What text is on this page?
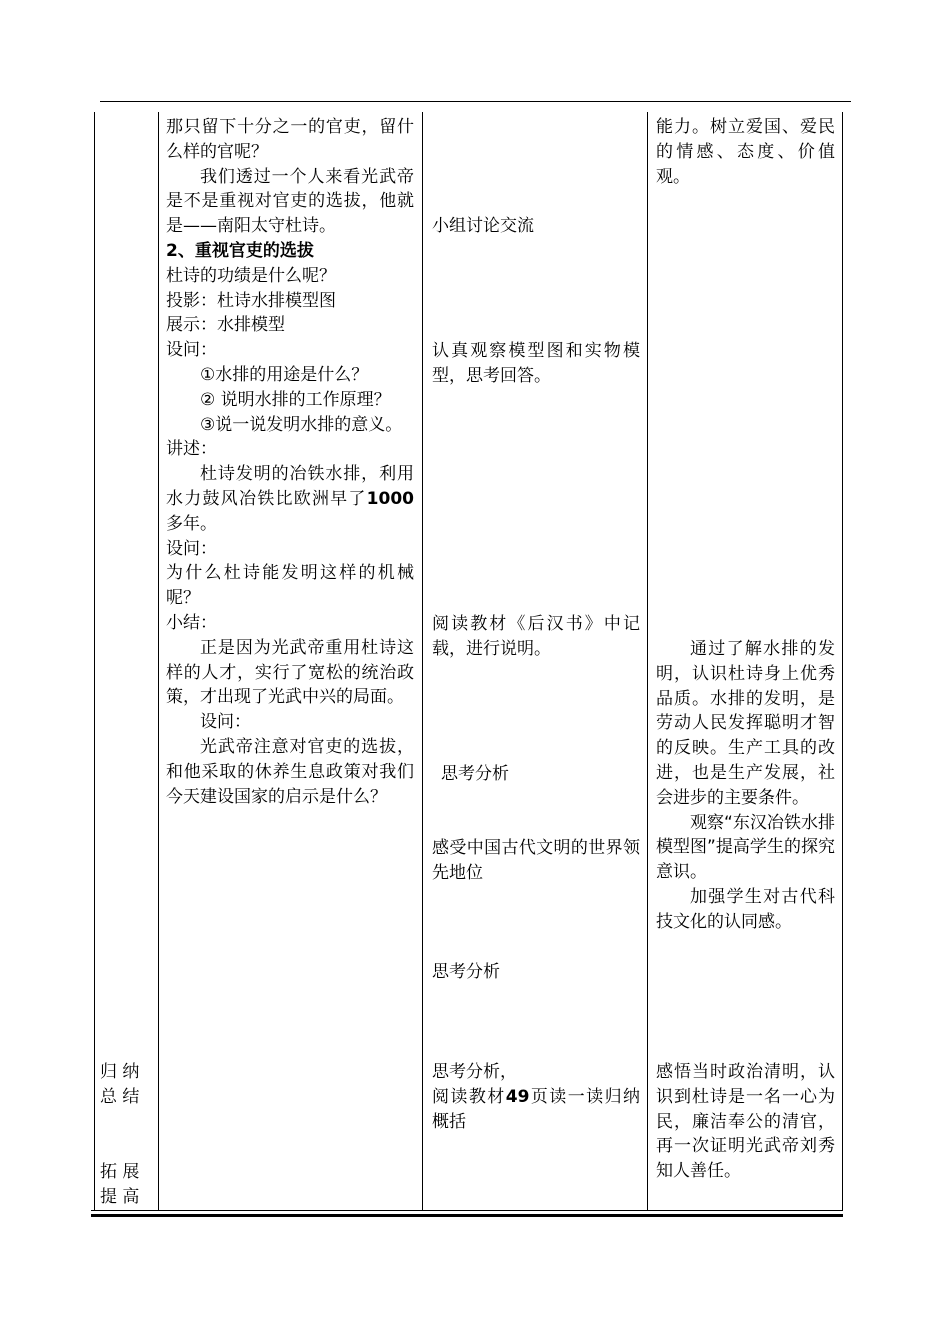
归 纳
总 结
拓 展
提 高

那只留下十分之一的官吏，留什么样的官呢？

我们透过一个人来看光武帝是不是重视对官吏的选拔，他就是——南阳太守杜诗。

2、重视官吏的选拔

杜诗的功绩是什么呢？

投影：杜诗水排模型图

展示：水排模型

设问：

①水排的用途是什么？

② 说明水排的工作原理？

③说一说发明水排的意义。

讲述：

杜诗发明的冶铁水排，利用水力鼓风冶铁比欧洲早了1000多年。

设问：

为什么杜诗能发明这样的机械呢？

小结：

正是因为光武帝重用杜诗这样的人才，实行了宽松的统治政策，才出现了光武中兴的局面。

设问：

光武帝注意对官吏的选拔，和他采取的休养生息政策对我们今天建设国家的启示是什么？

小组讨论交流

认真观察模型图和实物模型，思考回答。

阅读教材《后汉书》中记载，进行说明。

思考分析

感受中国古代文明的世界领先地位

思考分析

思考分析，

阅读教材49页读一读归纳概括

能力。树立爱国、爱民的情感、态度、价值观。

通过了解水排的发明，认识杜诗身上优秀品质。水排的发明，是劳动人民发挥聪明才智的反映。生产工具的改进，也是生产发展，社会进步的主要条件。

观察“东汉冶铁水排模型图”提高学生的探究意识。

加强学生对古代科技文化的认同感。

感悟当时政治清明，认识到杜诗是一名一心为民，廉洁奉公的清官，再一次证明光武帝刘秀知人善任。
